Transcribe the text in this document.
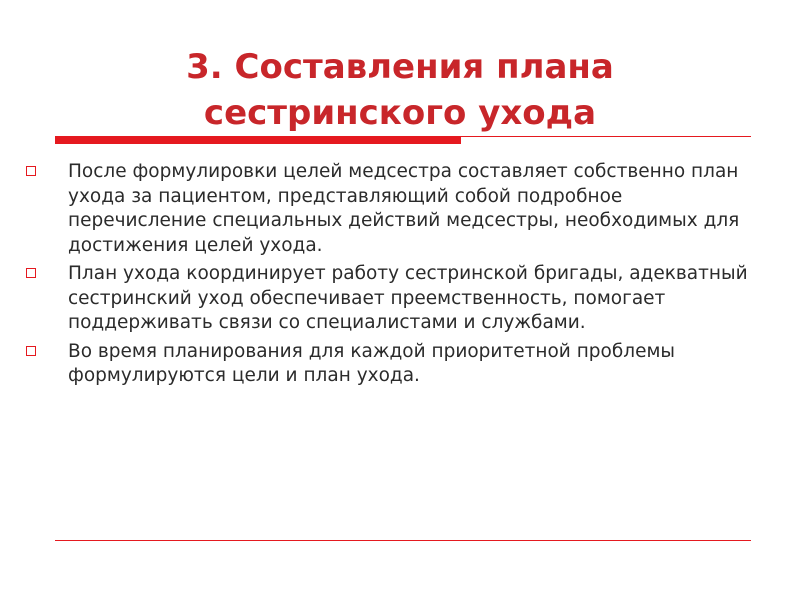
3. Составления плана
сестринского ухода
После формулировки целей медсестра составляет собственно план ухода за пациентом, представляющий собой подробное перечисление специальных действий медсестры, необходимых для достижения целей ухода.
План ухода координирует работу сестринской бригады, адекватный сестринский уход обеспечивает преемственность, помогает поддерживать связи со специалистами и службами.
Во время планирования для каждой приоритетной проблемы формулируются цели и план ухода.
